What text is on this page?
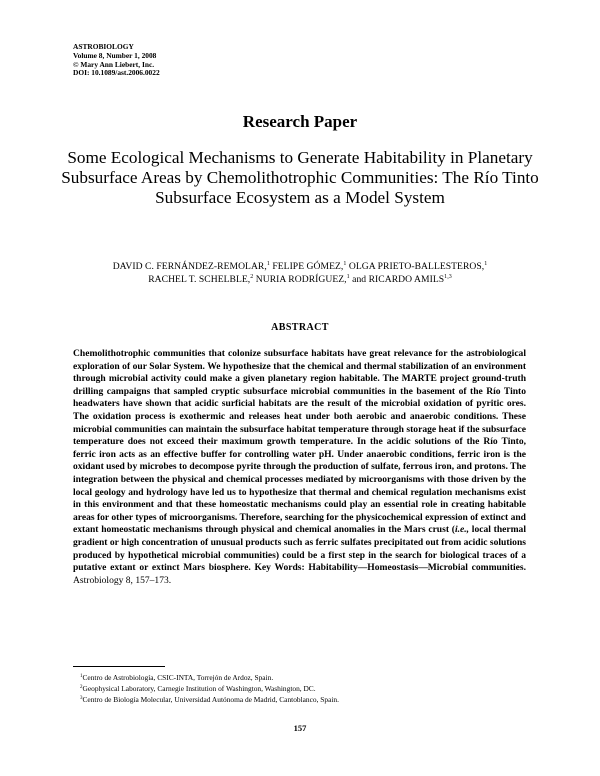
ASTROBIOLOGY
Volume 8, Number 1, 2008
© Mary Ann Liebert, Inc.
DOI: 10.1089/ast.2006.0022
Research Paper
Some Ecological Mechanisms to Generate Habitability in Planetary Subsurface Areas by Chemolithotrophic Communities: The Río Tinto Subsurface Ecosystem as a Model System
DAVID C. FERNÁNDEZ-REMOLAR,$^1$ FELIPE GÓMEZ,$^1$ OLGA PRIETO-BALLESTEROS,$^1$
RACHEL T. SCHELBLE,$^2$ NURIA RODRÍGUEZ,$^1$ and RICARDO AMILS$^{1,3}$
ABSTRACT
Chemolithotrophic communities that colonize subsurface habitats have great relevance for the astrobiological exploration of our Solar System. We hypothesize that the chemical and thermal stabilization of an environment through microbial activity could make a given planetary region habitable. The MARTE project ground-truth drilling campaigns that sampled cryptic subsurface microbial communities in the basement of the Río Tinto headwaters have shown that acidic surficial habitats are the result of the microbial oxidation of pyritic ores. The oxidation process is exothermic and releases heat under both aerobic and anaerobic conditions. These microbial communities can maintain the subsurface habitat temperature through storage heat if the subsurface temperature does not exceed their maximum growth temperature. In the acidic solutions of the Río Tinto, ferric iron acts as an effective buffer for controlling water pH. Under anaerobic conditions, ferric iron is the oxidant used by microbes to decompose pyrite through the production of sulfate, ferrous iron, and protons. The integration between the physical and chemical processes mediated by microorganisms with those driven by the local geology and hydrology have led us to hypothesize that thermal and chemical regulation mechanisms exist in this environment and that these homeostatic mechanisms could play an essential role in creating habitable areas for other types of microorganisms. Therefore, searching for the physicochemical expression of extinct and extant homeostatic mechanisms through physical and chemical anomalies in the Mars crust (i.e., local thermal gradient or high concentration of unusual products such as ferric sulfates precipitated out from acidic solutions produced by hypothetical microbial communities) could be a first step in the search for biological traces of a putative extant or extinct Mars biosphere. Key Words: Habitability—Homeostasis—Microbial communities. Astrobiology 8, 157–173.
$^1$Centro de Astrobiología, CSIC-INTA, Torrejón de Ardoz, Spain.
$^2$Geophysical Laboratory, Carnegie Institution of Washington, Washington, DC.
$^3$Centro de Biología Molecular, Universidad Autónoma de Madrid, Cantoblanco, Spain.
157
